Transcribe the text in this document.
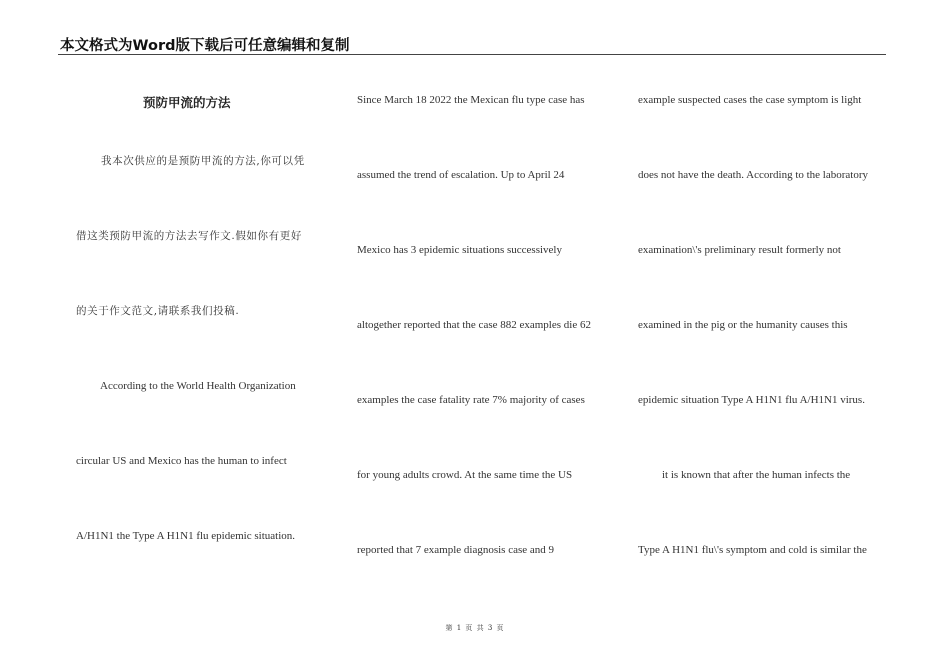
本文格式为Word版下载后可任意编辑和复制
预防甲流的方法
我本次供应的是预防甲流的方法,你可以凭
借这类预防甲流的方法去写作文.假如你有更好
的关于作文范文,请联系我们投稿.
According to the World Health Organization
circular US and Mexico has the human to infect
A/H1N1 the Type A H1N1 flu epidemic situation.
Since March 18 2022 the Mexican flu type case has
assumed the trend of escalation. Up to April 24
Mexico has 3 epidemic situations successively
altogether reported that the case 882 examples die 62
examples the case fatality rate 7% majority of cases
for young adults crowd. At the same time the US
reported that 7 example diagnosis case and 9
example suspected cases the case symptom is light
does not have the death. According to the laboratory
examination\'s preliminary result formerly not
examined in the pig or the humanity causes this
epidemic situation Type A H1N1 flu A/H1N1 virus.
it is known that after the human infects the
Type A H1N1 flu\'s symptom and cold is similar the
第 1 页 共 3 页
